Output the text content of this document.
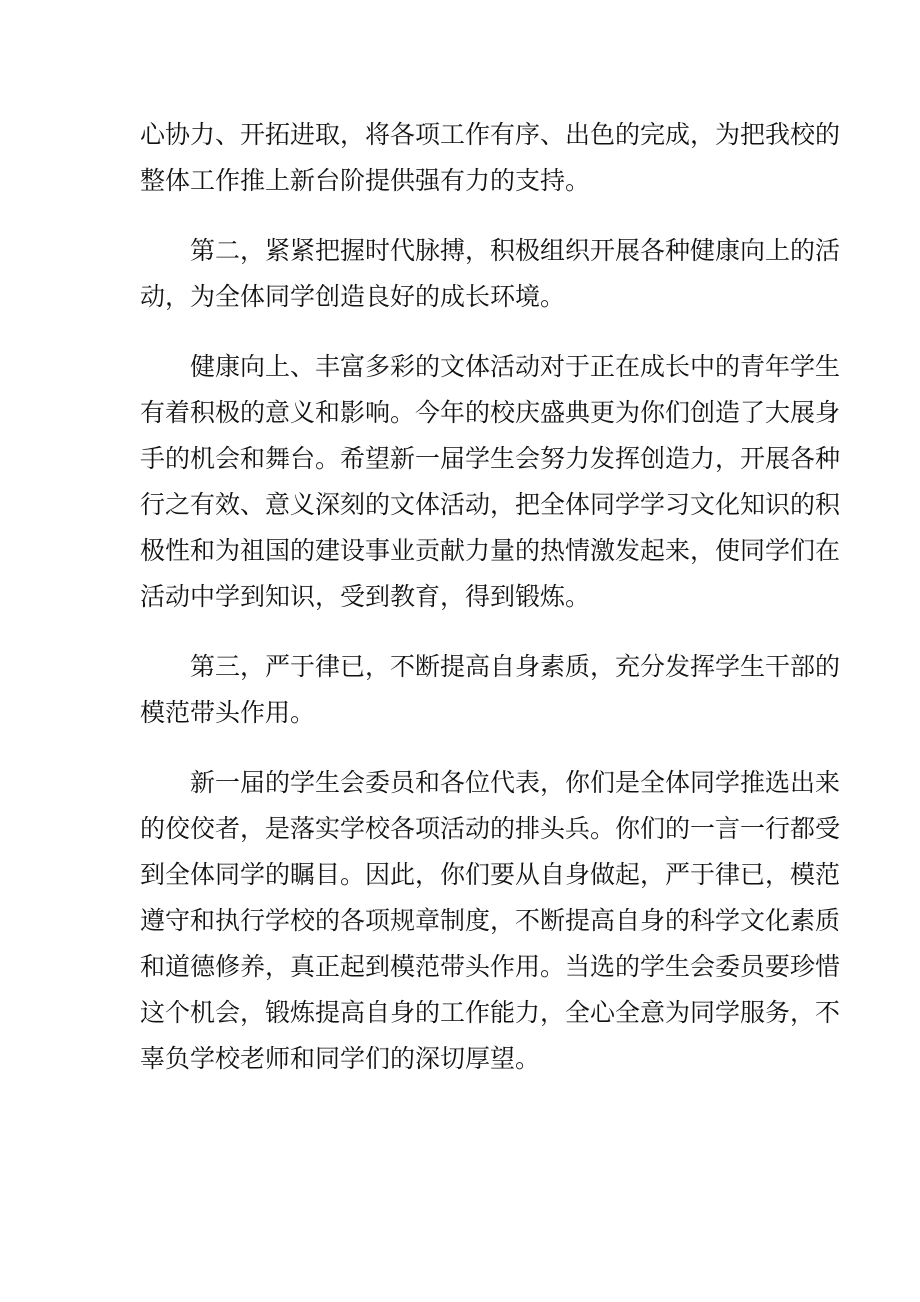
心协力、开拓进取，将各项工作有序、出色的完成，为把我校的
整体工作推上新台阶提供强有力的支持。

第二，紧紧把握时代脉搏，积极组织开展各种健康向上的活
动，为全体同学创造良好的成长环境。

健康向上、丰富多彩的文体活动对于正在成长中的青年学生
有着积极的意义和影响。今年的校庆盛典更为你们创造了大展身
手的机会和舞台。希望新一届学生会努力发挥创造力，开展各种
行之有效、意义深刻的文体活动，把全体同学学习文化知识的积
极性和为祖国的建设事业贡献力量的热情激发起来，使同学们在
活动中学到知识，受到教育，得到锻炼。

第三，严于律已，不断提高自身素质，充分发挥学生干部的
模范带头作用。

新一届的学生会委员和各位代表，你们是全体同学推选出来
的佼佼者，是落实学校各项活动的排头兵。你们的一言一行都受
到全体同学的瞩目。因此，你们要从自身做起，严于律已，模范
遵守和执行学校的各项规章制度，不断提高自身的科学文化素质
和道德修养，真正起到模范带头作用。当选的学生会委员要珍惜
这个机会，锻炼提高自身的工作能力，全心全意为同学服务，不
辜负学校老师和同学们的深切厚望。
